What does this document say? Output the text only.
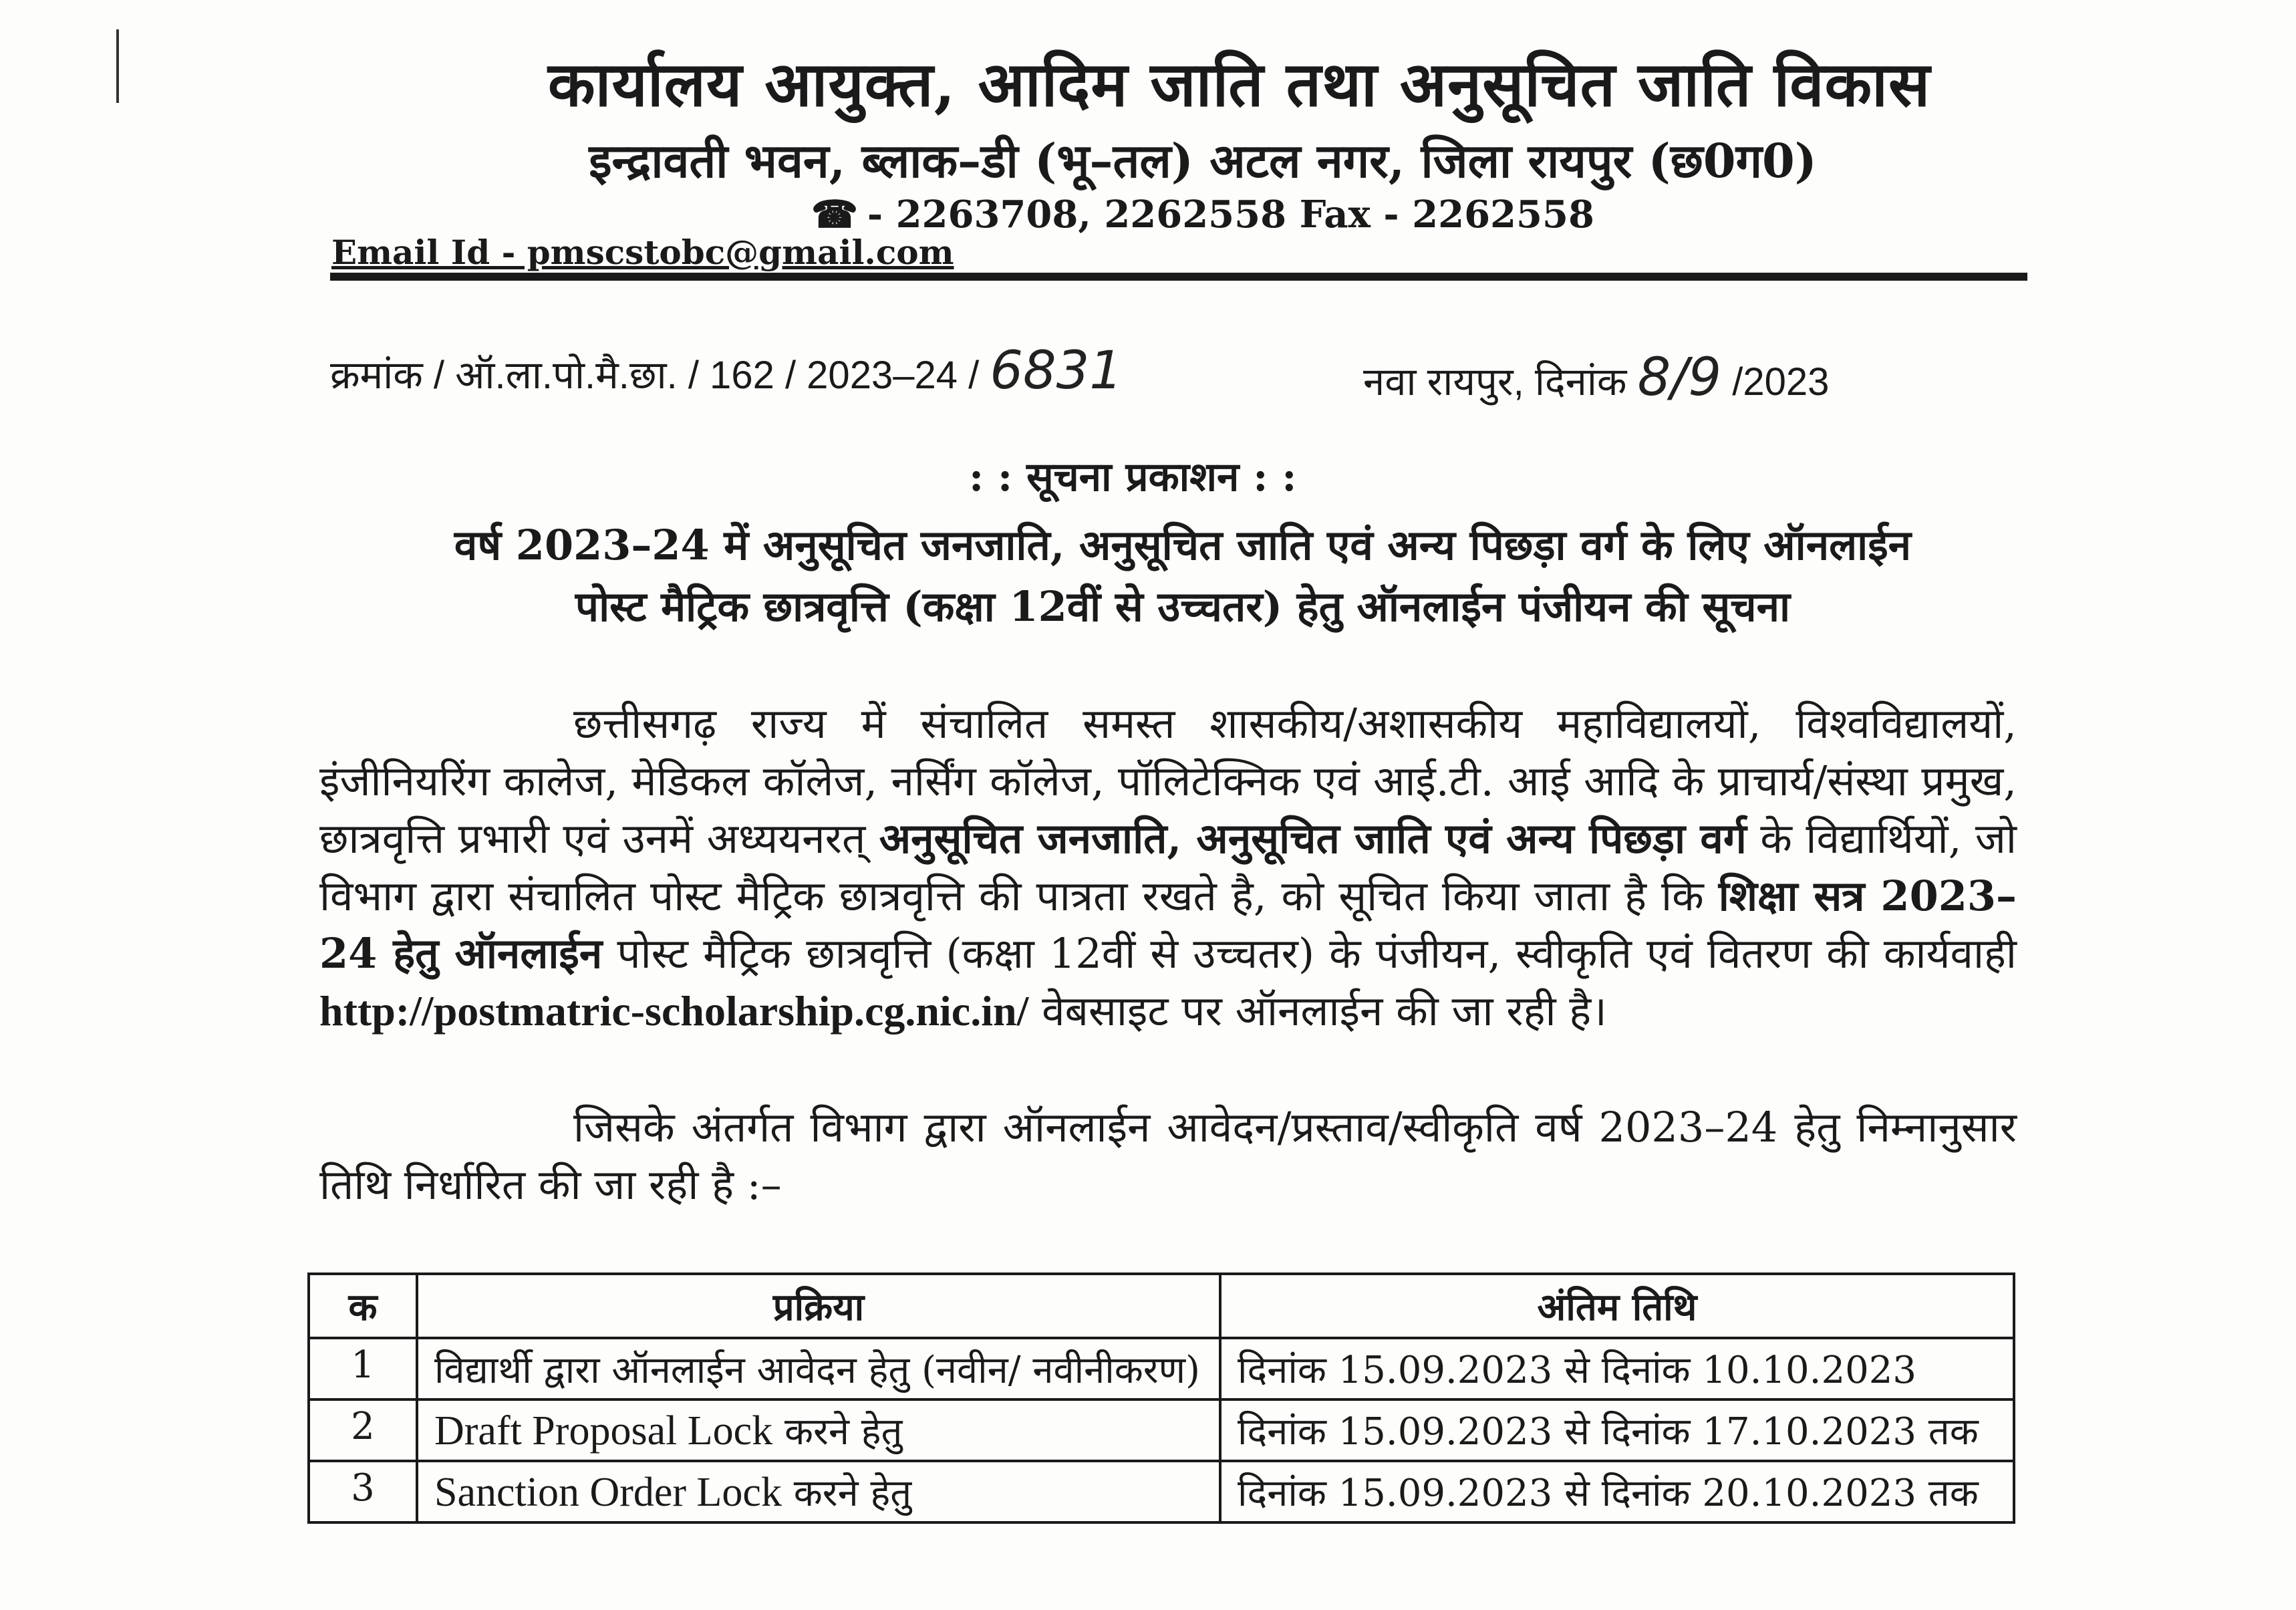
कार्यालय आयुक्त, आदिम जाति तथा अनुसूचित जाति विकास
इन्द्रावती भवन, ब्लाक–डी (भू–तल) अटल नगर, जिला रायपुर (छ0ग0)
☎ - 2263708, 2262558 Fax - 2262558
Email Id - pmscstobc@gmail.com
क्रमांक / ऑ.ला.पो.मै.छा. / 162 / 2023–24 / 6831	नवा रायपुर, दिनांक 8/9 /2023
: : सूचना प्रकाशन : :
वर्ष 2023–24 में अनुसूचित जनजाति, अनुसूचित जाति एवं अन्य पिछड़ा वर्ग के लिए ऑनलाईन
पोस्ट मैट्रिक छात्रवृत्ति (कक्षा 12वीं से उच्चतर) हेतु ऑनलाईन पंजीयन की सूचना
छत्तीसगढ़ राज्य में संचालित समस्त शासकीय/अशासकीय महाविद्यालयों, विश्वविद्यालयों, इंजीनियरिंग कालेज, मेडिकल कॉलेज, नर्सिंग कॉलेज, पॉलिटेक्निक एवं आई.टी. आई आदि के प्राचार्य/संस्था प्रमुख, छात्रवृत्ति प्रभारी एवं उनमें अध्ययनरत् अनुसूचित जनजाति, अनुसूचित जाति एवं अन्य पिछड़ा वर्ग के विद्यार्थियों, जो विभाग द्वारा संचालित पोस्ट मैट्रिक छात्रवृत्ति की पात्रता रखते है, को सूचित किया जाता है कि शिक्षा सत्र 2023–24 हेतु ऑनलाईन पोस्ट मैट्रिक छात्रवृत्ति (कक्षा 12वीं से उच्चतर) के पंजीयन, स्वीकृति एवं वितरण की कार्यवाही http://postmatric-scholarship.cg.nic.in/ वेबसाइट पर ऑनलाईन की जा रही है।
जिसके अंतर्गत विभाग द्वारा ऑनलाईन आवेदन/प्रस्ताव/स्वीकृति वर्ष 2023–24 हेतु निम्नानुसार तिथि निर्धारित की जा रही है :–
क	प्रक्रिया	अंतिम तिथि
1	विद्यार्थी द्वारा ऑनलाईन आवेदन हेतु (नवीन/ नवीनीकरण)	दिनांक 15.09.2023 से दिनांक 10.10.2023
2	Draft Proposal Lock करने हेतु	दिनांक 15.09.2023 से दिनांक 17.10.2023 तक
3	Sanction Order Lock करने हेतु	दिनांक 15.09.2023 से दिनांक 20.10.2023 तक
